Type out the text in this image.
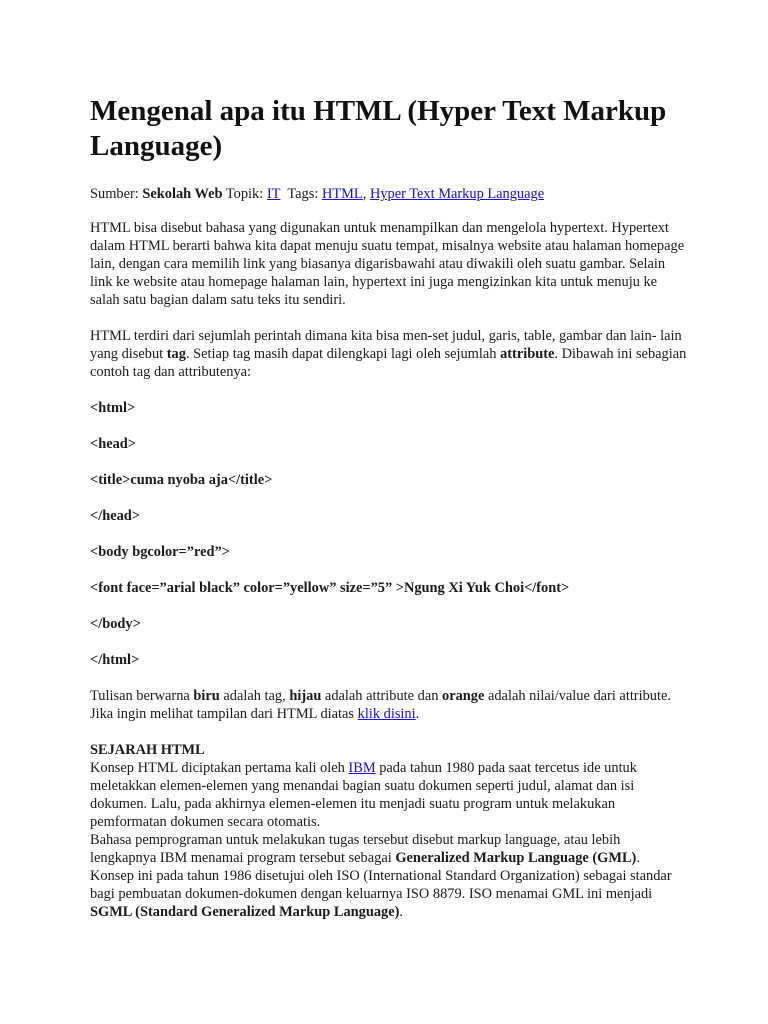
Mengenal apa itu HTML (Hyper Text Markup Language)

Sumber: Sekolah Web Topik: IT Tags: HTML, Hyper Text Markup Language

HTML bisa disebut bahasa yang digunakan untuk menampilkan dan mengelola hypertext. Hypertext dalam HTML berarti bahwa kita dapat menuju suatu tempat, misalnya website atau halaman homepage lain, dengan cara memilih link yang biasanya digarisbawahi atau diwakili oleh suatu gambar. Selain link ke website atau homepage halaman lain, hypertext ini juga mengizinkan kita untuk menuju ke salah satu bagian dalam satu teks itu sendiri.

HTML terdiri dari sejumlah perintah dimana kita bisa men-set judul, garis, table, gambar dan lain- lain yang disebut tag. Setiap tag masih dapat dilengkapi lagi oleh sejumlah attribute. Dibawah ini sebagian contoh tag dan attributenya:

<html>

<head>

<title>cuma nyoba aja</title>

</head>

<body bgcolor=”red”>

<font face=”arial black” color=”yellow” size=”5” >Ngung Xi Yuk Choi</font>

</body>

</html>

Tulisan berwarna biru adalah tag, hijau adalah attribute dan orange adalah nilai/value dari attribute. Jika ingin melihat tampilan dari HTML diatas klik disini.

SEJARAH HTML

Konsep HTML diciptakan pertama kali oleh IBM pada tahun 1980 pada saat tercetus ide untuk meletakkan elemen-elemen yang menandai bagian suatu dokumen seperti judul, alamat dan isi dokumen. Lalu, pada akhirnya elemen-elemen itu menjadi suatu program untuk melakukan pemformatan dokumen secara otomatis.

Bahasa pemprograman untuk melakukan tugas tersebut disebut markup language, atau lebih lengkapnya IBM menamai program tersebut sebagai Generalized Markup Language (GML).

Konsep ini pada tahun 1986 disetujui oleh ISO (International Standard Organization) sebagai standar bagi pembuatan dokumen-dokumen dengan keluarnya ISO 8879. ISO menamai GML ini menjadi SGML (Standard Generalized Markup Language).
